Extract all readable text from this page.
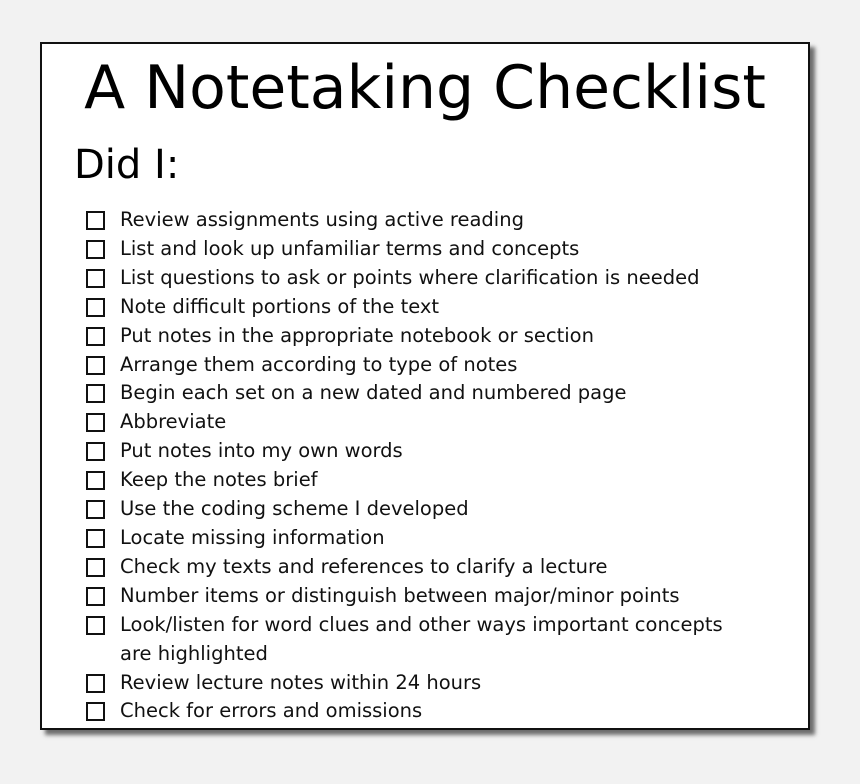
A Notetaking Checklist
Did I:
Review assignments using active reading
List and look up unfamiliar terms and concepts
List questions to ask or points where clarification is needed
Note difficult portions of the text
Put notes in the appropriate notebook or section
Arrange them according to type of notes
Begin each set on a new dated and numbered page
Abbreviate
Put notes into my own words
Keep the notes brief
Use the coding scheme I developed
Locate missing information
Check my texts and references to clarify a lecture
Number items or distinguish between major/minor points
Look/listen for word clues and other ways important concepts are highlighted
Review lecture notes within 24 hours
Check for errors and omissions
